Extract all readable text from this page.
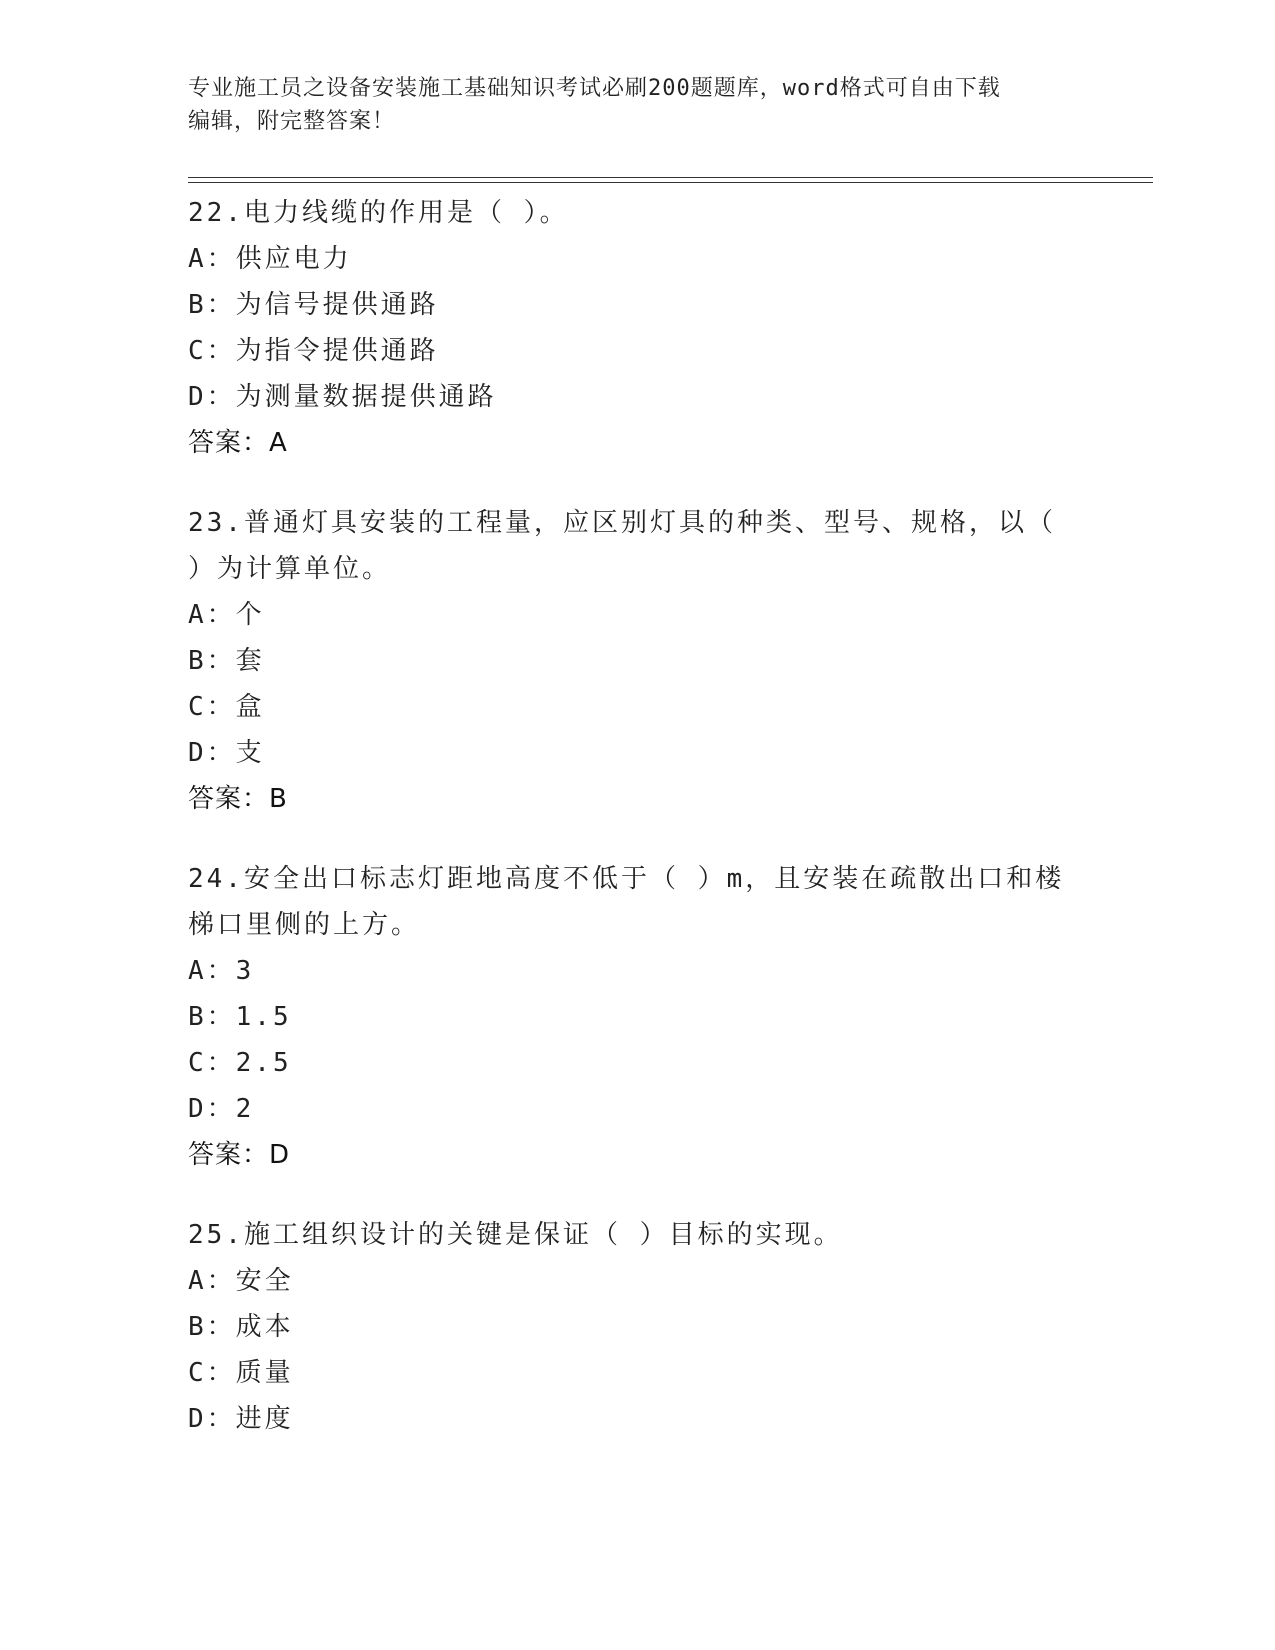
专业施工员之设备安装施工基础知识考试必刷200题题库，word格式可自由下载
编辑，附完整答案！

22.电力线缆的作用是（ ）。

A：供应电力

B：为信号提供通路

C：为指令提供通路

D：为测量数据提供通路

答案：A

23.普通灯具安装的工程量，应区别灯具的种类、型号、规格，以（ ）为计算单位。

A：个

B：套

C：盒

D：支

答案：B

24.安全出口标志灯距地高度不低于（ ）m，且安装在疏散出口和楼梯口里侧的上方。

A：3

B：1.5

C：2.5

D：2

答案：D

25.施工组织设计的关键是保证（ ）目标的实现。

A：安全

B：成本

C：质量

D：进度
